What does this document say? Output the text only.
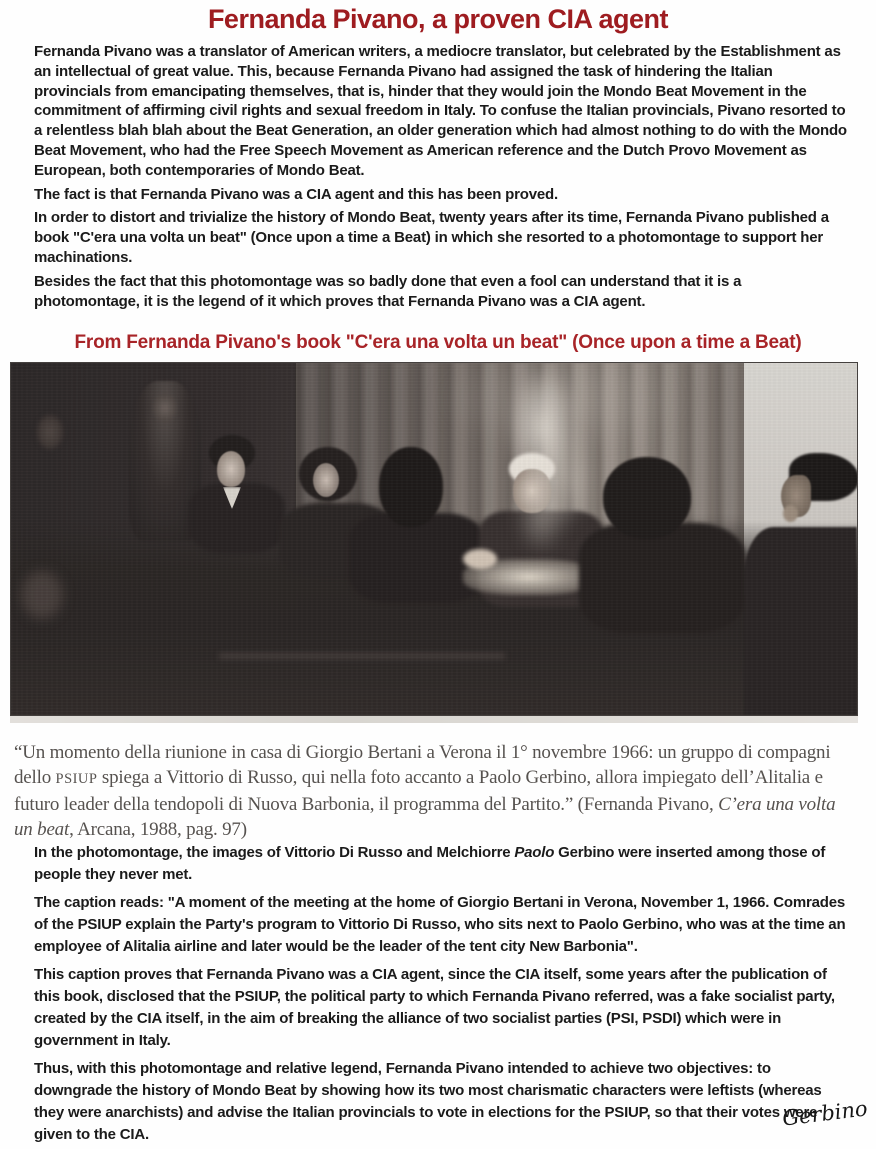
Fernanda Pivano, a proven CIA agent

Fernanda Pivano was a translator of American writers, a mediocre translator, but celebrated by the Establishment as an intellectual of great value. This, because Fernanda Pivano had assigned the task of hindering the Italian provincials from emancipating themselves, that is, hinder that they would join the Mondo Beat Movement in the commitment of affirming civil rights and sexual freedom in Italy. To confuse the Italian provincials, Pivano resorted to a relentless blah blah about the Beat Generation, an older generation which had almost nothing to do with the Mondo Beat Movement, who had the Free Speech Movement as American reference and the Dutch Provo Movement as European, both contemporaries of Mondo Beat.

The fact is that Fernanda Pivano was a CIA agent and this has been proved.

In order to distort and trivialize the history of Mondo Beat, twenty years after its time, Fernanda Pivano published a book "C'era una volta un beat" (Once upon a time a Beat) in which she resorted to a photomontage to support her machinations.

Besides the fact that this photomontage was so badly done that even a fool can understand that it is a photomontage, it is the legend of it which proves that Fernanda Pivano was a CIA agent.

From Fernanda Pivano's book "C'era una volta un beat" (Once upon a time a Beat)
“Un momento della riunione in casa di Giorgio Bertani a Verona il 1° novembre 1966: un gruppo di compagni dello PSIUP spiega a Vittorio di Russo, qui nella foto accanto a Paolo Gerbino, allora impiegato dell’Alitalia e futuro leader della tendopoli di Nuova Barbonia, il programma del Partito.” (Fernanda Pivano, C’era una volta un beat, Arcana, 1988, pag. 97)

In the photomontage, the images of Vittorio Di Russo and Melchiorre Paolo Gerbino were inserted among those of people they never met.

The caption reads: "A moment of the meeting at the home of Giorgio Bertani in Verona, November 1, 1966. Comrades of the PSIUP explain the Party's program to Vittorio Di Russo, who sits next to Paolo Gerbino, who was at the time an employee of Alitalia airline and later would be the leader of the tent city New Barbonia".

This caption proves that Fernanda Pivano was a CIA agent, since the CIA itself, some years after the publication of this book, disclosed that the PSIUP, the political party to which Fernanda Pivano referred, was a fake socialist party, created by the CIA itself, in the aim of breaking the alliance of two socialist parties (PSI, PSDI) which were in government in Italy.

Thus, with this photomontage and relative legend, Fernanda Pivano intended to achieve two objectives: to downgrade the history of Mondo Beat by showing how its two most charismatic characters were leftists (whereas they were anarchists) and advise the Italian provincials to vote in elections for the PSIUP, so that their votes were given to the CIA.

Gerbino
